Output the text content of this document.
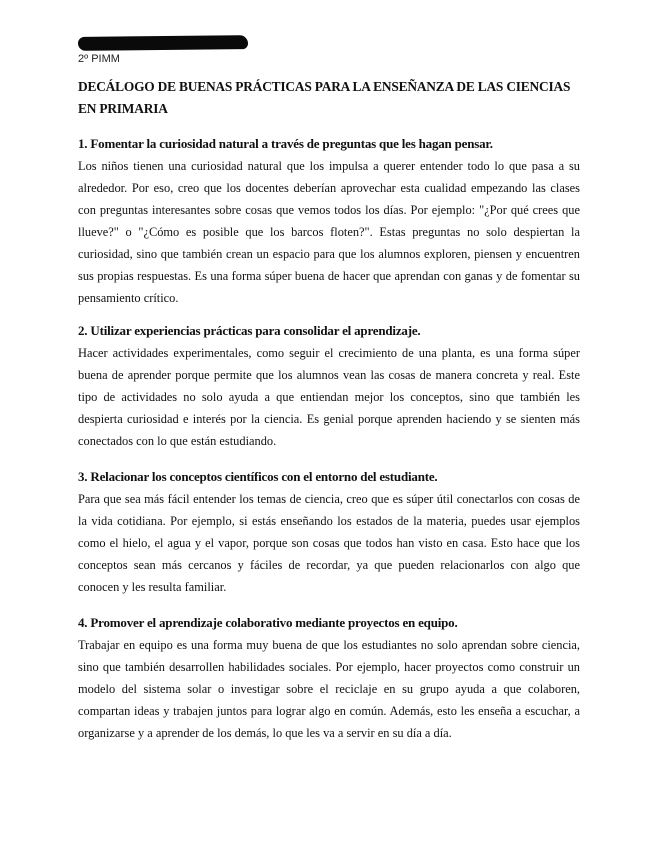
2º PIMM
DECÁLOGO DE BUENAS PRÁCTICAS PARA LA ENSEÑANZA DE LAS CIENCIAS EN PRIMARIA
1. Fomentar la curiosidad natural a través de preguntas que les hagan pensar.

Los niños tienen una curiosidad natural que los impulsa a querer entender todo lo que pasa a su alrededor. Por eso, creo que los docentes deberían aprovechar esta cualidad empezando las clases con preguntas interesantes sobre cosas que vemos todos los días. Por ejemplo: "¿Por qué crees que llueve?" o "¿Cómo es posible que los barcos floten?". Estas preguntas no solo despiertan la curiosidad, sino que también crean un espacio para que los alumnos exploren, piensen y encuentren sus propias respuestas. Es una forma súper buena de hacer que aprendan con ganas y de fomentar su pensamiento crítico.

2. Utilizar experiencias prácticas para consolidar el aprendizaje.

Hacer actividades experimentales, como seguir el crecimiento de una planta, es una forma súper buena de aprender porque permite que los alumnos vean las cosas de manera concreta y real. Este tipo de actividades no solo ayuda a que entiendan mejor los conceptos, sino que también les despierta curiosidad e interés por la ciencia. Es genial porque aprenden haciendo y se sienten más conectados con lo que están estudiando.

3. Relacionar los conceptos científicos con el entorno del estudiante.

Para que sea más fácil entender los temas de ciencia, creo que es súper útil conectarlos con cosas de la vida cotidiana. Por ejemplo, si estás enseñando los estados de la materia, puedes usar ejemplos como el hielo, el agua y el vapor, porque son cosas que todos han visto en casa. Esto hace que los conceptos sean más cercanos y fáciles de recordar, ya que pueden relacionarlos con algo que conocen y les resulta familiar.

4. Promover el aprendizaje colaborativo mediante proyectos en equipo.

Trabajar en equipo es una forma muy buena de que los estudiantes no solo aprendan sobre ciencia, sino que también desarrollen habilidades sociales. Por ejemplo, hacer proyectos como construir un modelo del sistema solar o investigar sobre el reciclaje en su grupo ayuda a que colaboren, compartan ideas y trabajen juntos para lograr algo en común. Además, esto les enseña a escuchar, a organizarse y a aprender de los demás, lo que les va a servir en su día a día.
